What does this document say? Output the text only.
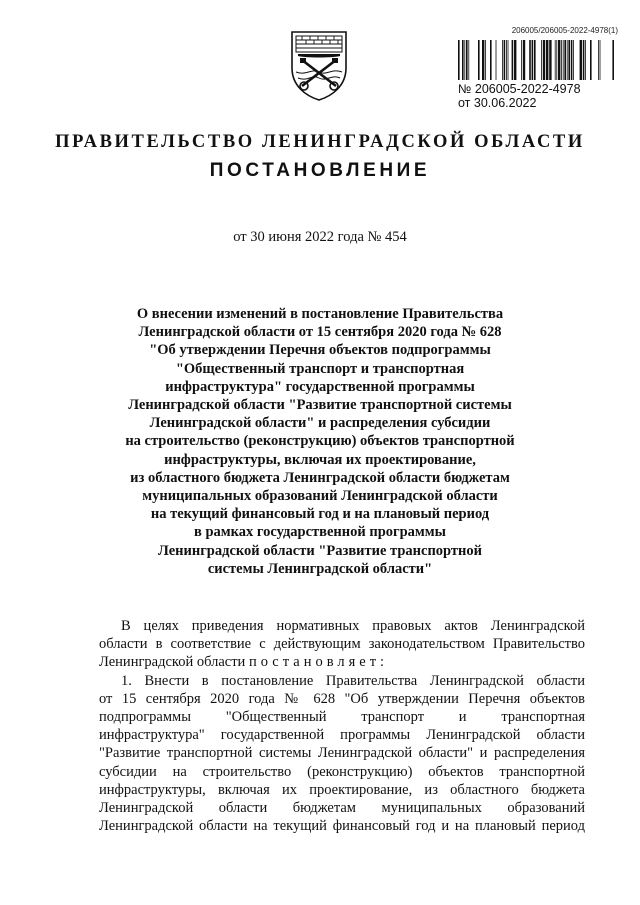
206005/206005-2022-4978(1)
№ 206005-2022-4978
от 30.06.2022
ПРАВИТЕЛЬСТВО ЛЕНИНГРАДСКОЙ ОБЛАСТИ
ПОСТАНОВЛЕНИЕ
от 30 июня 2022 года № 454
О внесении изменений в постановление Правительства
Ленинградской области от 15 сентября 2020 года № 628
"Об утверждении Перечня объектов подпрограммы
"Общественный транспорт и транспортная
инфраструктура" государственной программы
Ленинградской области "Развитие транспортной системы
Ленинградской области" и распределения субсидии
на строительство (реконструкцию) объектов транспортной
инфраструктуры, включая их проектирование,
из областного бюджета Ленинградской области бюджетам
муниципальных образований Ленинградской области
на текущий финансовый год и на плановый период
в рамках государственной программы
Ленинградской области "Развитие транспортной
системы Ленинградской области"
В целях приведения нормативных правовых актов Ленинградской
области в соответствие с действующим законодательством Правительство
Ленинградской области постановляет:
1. Внести в постановление Правительства Ленинградской области
от 15 сентября 2020 года № 628 "Об утверждении Перечня объектов
подпрограммы "Общественный транспорт и транспортная
инфраструктура" государственной программы Ленинградской области
"Развитие транспортной системы Ленинградской области" и распределения
субсидии на строительство (реконструкцию) объектов транспортной
инфраструктуры, включая их проектирование, из областного бюджета
Ленинградской области бюджетам муниципальных образований
Ленинградской области на текущий финансовый год и на плановый период
